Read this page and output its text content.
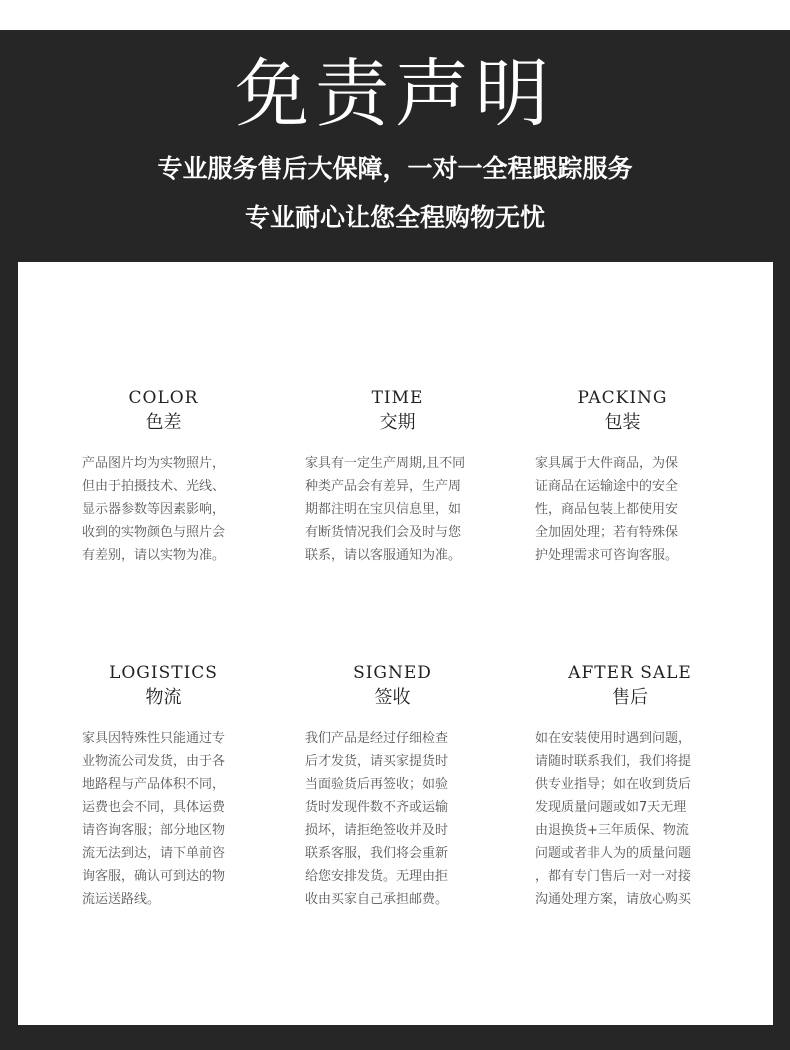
免责声明
专业服务售后大保障，一对一全程跟踪服务
专业耐心让您全程购物无忧
COLOR
色差
产品图片均为实物照片，
但由于拍摄技术、光线、
显示器参数等因素影响，
收到的实物颜色与照片会
有差别，请以实物为准。
TIME
交期
家具有一定生产周期,且不同
种类产品会有差异，生产周
期都注明在宝贝信息里，如
有断货情况我们会及时与您
联系，请以客服通知为准。
PACKING
包装
家具属于大件商品，为保
证商品在运输途中的安全
性，商品包装上都使用安
全加固处理；若有特殊保
护处理需求可咨询客服。
LOGISTICS
物流
家具因特殊性只能通过专
业物流公司发货，由于各
地路程与产品体积不同，
运费也会不同，具体运费
请咨询客服；部分地区物
流无法到达，请下单前咨
询客服，确认可到达的物
流运送路线。
SIGNED
签收
我们产品是经过仔细检查
后才发货，请买家提货时
当面验货后再签收；如验
货时发现件数不齐或运输
损坏，请拒绝签收并及时
联系客服，我们将会重新
给您安排发货。无理由拒
收由买家自己承担邮费。
AFTER SALE
售后
如在安装使用时遇到问题，
请随时联系我们，我们将提
供专业指导；如在收到货后
发现质量问题或如7天无理
由退换货+三年质保、物流
问题或者非人为的质量问题
，都有专门售后一对一对接
沟通处理方案，请放心购买
